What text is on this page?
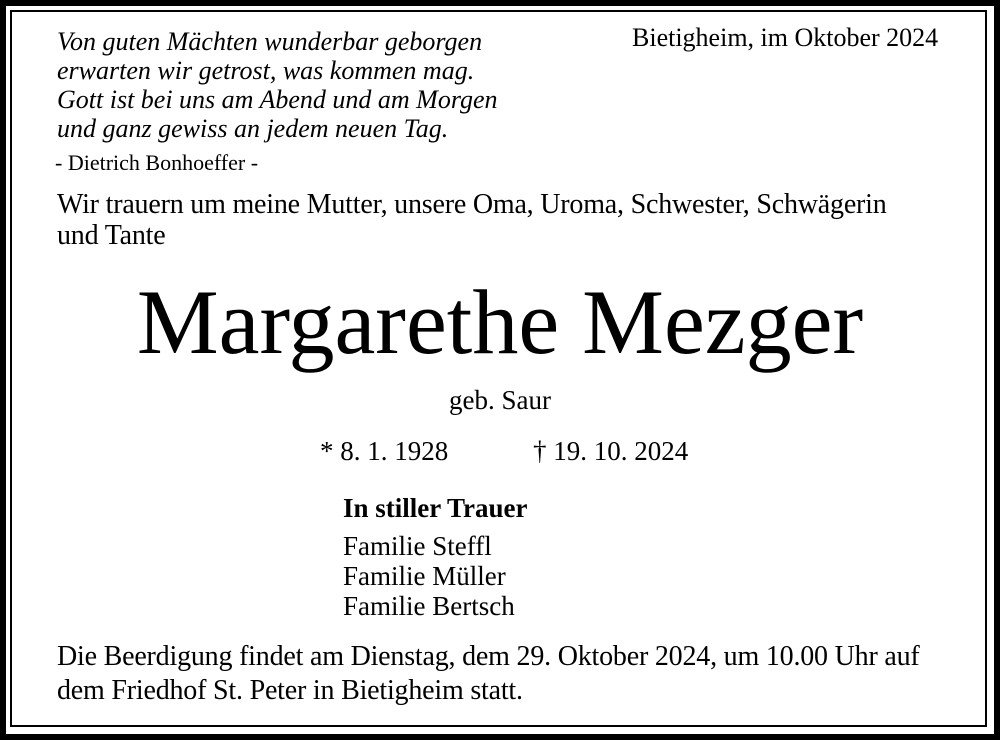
Von guten Mächten wunderbar geborgen
erwarten wir getrost, was kommen mag.
Gott ist bei uns am Abend und am Morgen
und ganz gewiss an jedem neuen Tag.
- Dietrich Bonhoeffer -
Bietigheim, im Oktober 2024
Wir trauern um meine Mutter, unsere Oma, Uroma, Schwester, Schwägerin
und Tante
Margarethe Mezger
geb. Saur
* 8. 1. 1928	† 19. 10. 2024
In stiller Trauer
Familie Steffl
Familie Müller
Familie Bertsch
Die Beerdigung findet am Dienstag, dem 29. Oktober 2024, um 10.00 Uhr auf
dem Friedhof St. Peter in Bietigheim statt.
